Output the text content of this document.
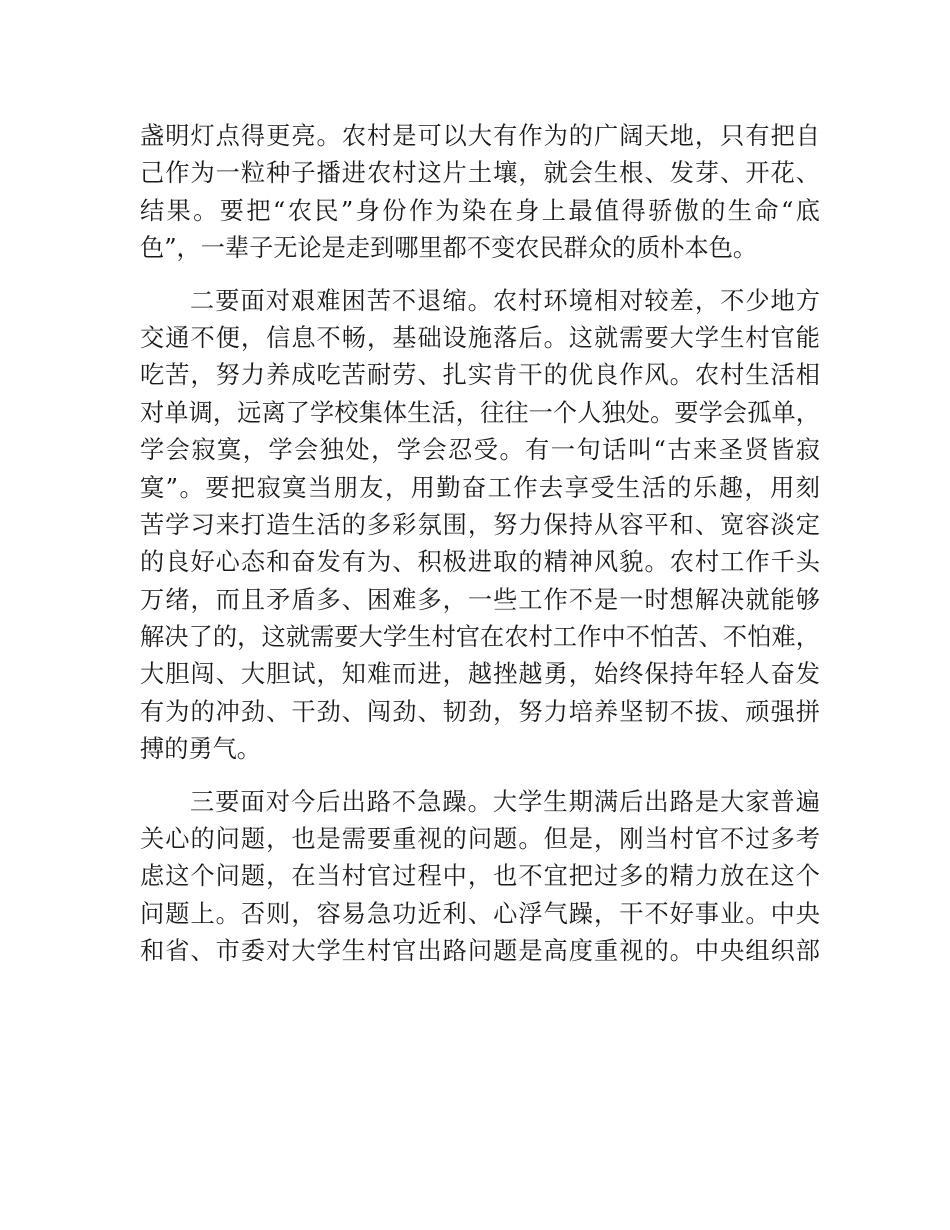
盏明灯点得更亮。农村是可以大有作为的广阔天地，只有把自
己作为一粒种子播进农村这片土壤，就会生根、发芽、开花、
结果。要把“农民”身份作为染在身上最值得骄傲的生命“底
色”，一辈子无论是走到哪里都不变农民群众的质朴本色。
二要面对艰难困苦不退缩。农村环境相对较差，不少地方
交通不便，信息不畅，基础设施落后。这就需要大学生村官能
吃苦，努力养成吃苦耐劳、扎实肯干的优良作风。农村生活相
对单调，远离了学校集体生活，往往一个人独处。要学会孤单，
学会寂寞，学会独处，学会忍受。有一句话叫“古来圣贤皆寂
寞”。要把寂寞当朋友，用勤奋工作去享受生活的乐趣，用刻
苦学习来打造生活的多彩氛围，努力保持从容平和、宽容淡定
的良好心态和奋发有为、积极进取的精神风貌。农村工作千头
万绪，而且矛盾多、困难多，一些工作不是一时想解决就能够
解决了的，这就需要大学生村官在农村工作中不怕苦、不怕难，
大胆闯、大胆试，知难而进，越挫越勇，始终保持年轻人奋发
有为的冲劲、干劲、闯劲、韧劲，努力培养坚韧不拔、顽强拼
搏的勇气。
三要面对今后出路不急躁。大学生期满后出路是大家普遍
关心的问题，也是需要重视的问题。但是，刚当村官不过多考
虑这个问题，在当村官过程中，也不宜把过多的精力放在这个
问题上。否则，容易急功近利、心浮气躁，干不好事业。中央
和省、市委对大学生村官出路问题是高度重视的。中央组织部
